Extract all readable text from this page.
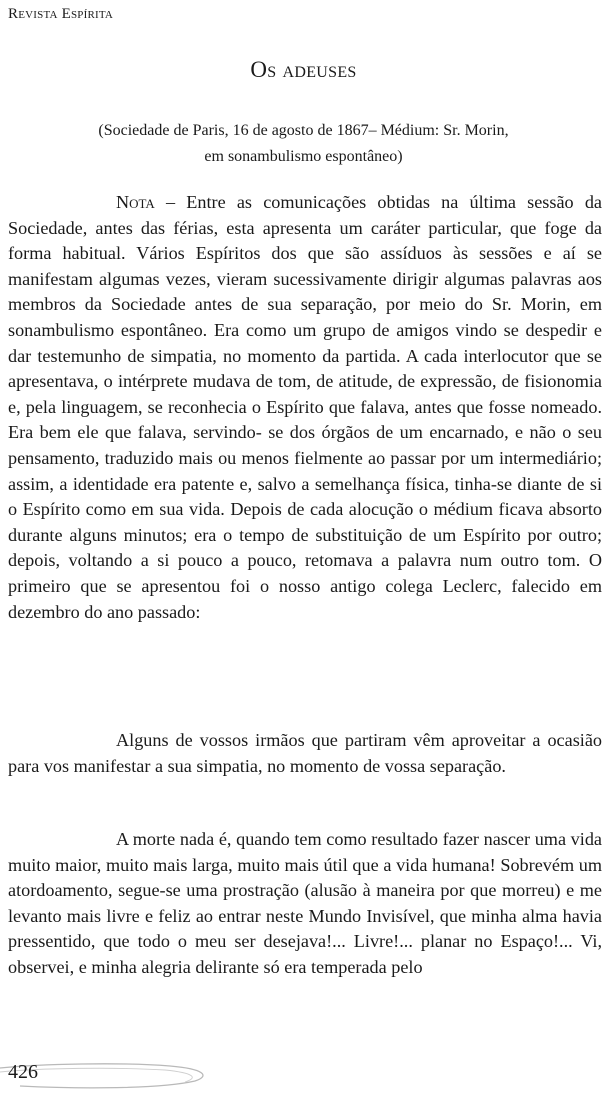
Revista Espírita
Os adeuses
(Sociedade de Paris, 16 de agosto de 1867– Médium: Sr. Morin,
em sonambulismo espontâneo)

Nota – Entre as comunicações obtidas na última sessão da Sociedade, antes das férias, esta apresenta um caráter particular, que foge da forma habitual. Vários Espíritos dos que são assíduos às sessões e aí se manifestam algumas vezes, vieram sucessivamente dirigir algumas palavras aos membros da Sociedade antes de sua separação, por meio do Sr. Morin, em sonambulismo espontâneo. Era como um grupo de amigos vindo se despedir e dar testemunho de simpatia, no momento da partida. A cada interlocutor que se apresentava, o intérprete mudava de tom, de atitude, de expressão, de fisionomia e, pela linguagem, se reconhecia o Espírito que falava, antes que fosse nomeado. Era bem ele que falava, servindo- se dos órgãos de um encarnado, e não o seu pensamento, traduzido mais ou menos fielmente ao passar por um intermediário; assim, a identidade era patente e, salvo a semelhança física, tinha-se diante de si o Espírito como em sua vida. Depois de cada alocução o médium ficava absorto durante alguns minutos; era o tempo de substituição de um Espírito por outro; depois, voltando a si pouco a pouco, retomava a palavra num outro tom. O primeiro que se apresentou foi o nosso antigo colega Leclerc, falecido em dezembro do ano passado:

Alguns de vossos irmãos que partiram vêm aproveitar a ocasião para vos manifestar a sua simpatia, no momento de vossa separação.

A morte nada é, quando tem como resultado fazer nascer uma vida muito maior, muito mais larga, muito mais útil que a vida humana! Sobrevém um atordoamento, segue-se uma prostração (alusão à maneira por que morreu) e me levanto mais livre e feliz ao entrar neste Mundo Invisível, que minha alma havia pressentido, que todo o meu ser desejava!... Livre!... planar no Espaço!... Vi, observei, e minha alegria delirante só era temperada pelo

426
